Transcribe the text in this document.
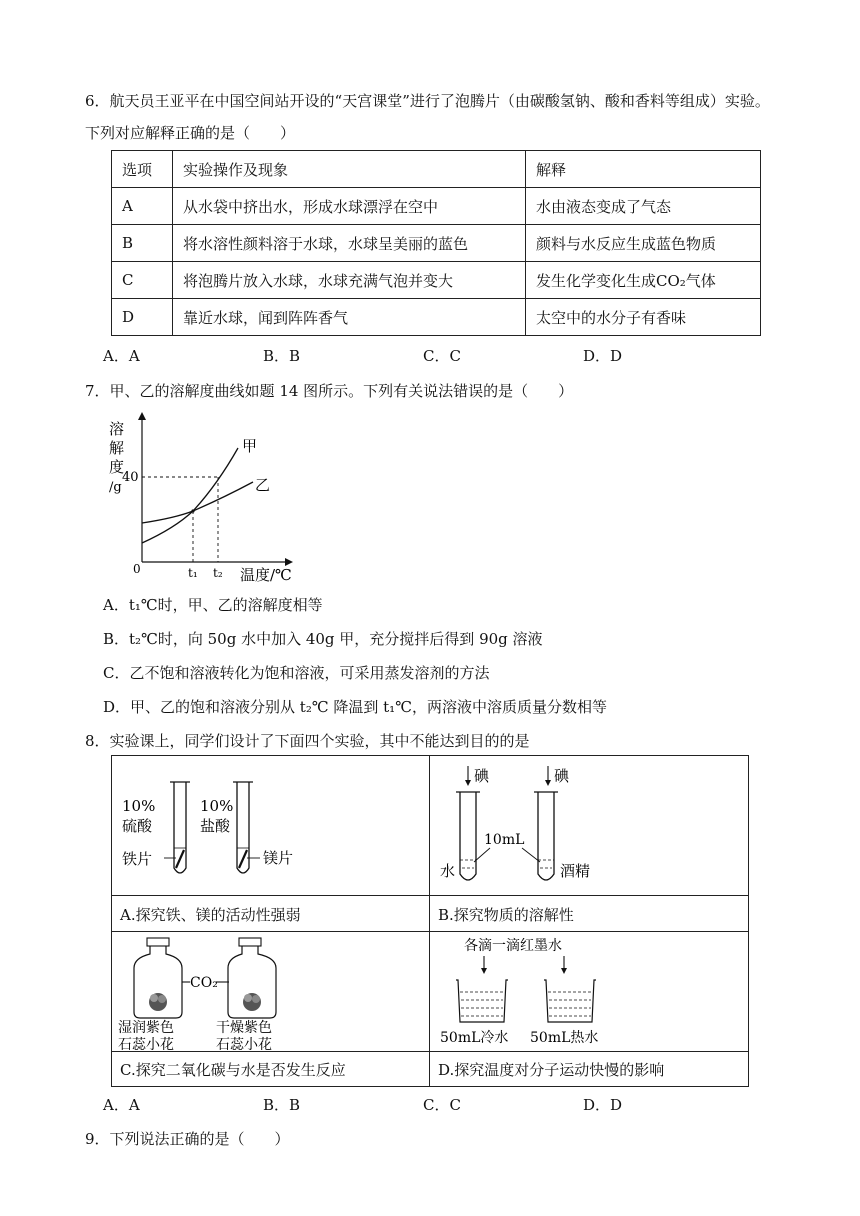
6．航天员王亚平在中国空间站开设的“天宫课堂”进行了泡腾片（由碳酸氢钠、酸和香料等组成）实验。
下列对应解释正确的是（　　）
选项	实验操作及现象	解释
A	从水袋中挤出水，形成水球漂浮在空中	水由液态变成了气态
B	将水溶性颜料溶于水球，水球呈美丽的蓝色	颜料与水反应生成蓝色物质
C	将泡腾片放入水球，水球充满气泡并变大	发生化学变化生成CO₂气体
D	靠近水球，闻到阵阵香气	太空中的水分子有香味
A．A	B．B	C．C	D．D
7．甲、乙的溶解度曲线如题 14 图所示。下列有关说法错误的是（　　）
溶
解
度
/g
40
0	t₁ t₂ 温度/℃
甲
乙
A．t₁℃时，甲、乙的溶解度相等
B．t₂℃时，向 50g 水中加入 40g 甲，充分搅拌后得到 90g 溶液
C．乙不饱和溶液转化为饱和溶液，可采用蒸发溶剂的方法
D．甲、乙的饱和溶液分别从 t₂℃ 降温到 t₁℃，两溶液中溶质质量分数相等
8．实验课上，同学们设计了下面四个实验，其中不能达到目的的是
10%
硫酸
铁片
10%
盐酸
镁片
碘
水
碘
酒精
10mL
A.探究铁、镁的活动性强弱	B.探究物质的溶解性
湿润紫色
石蕊小花
CO₂
干燥紫色
石蕊小花
各滴一滴红墨水
50mL冷水 50mL热水
C.探究二氧化碳与水是否发生反应	D.探究温度对分子运动快慢的影响
A．A	B．B	C．C	D．D
9．下列说法正确的是（　　）
